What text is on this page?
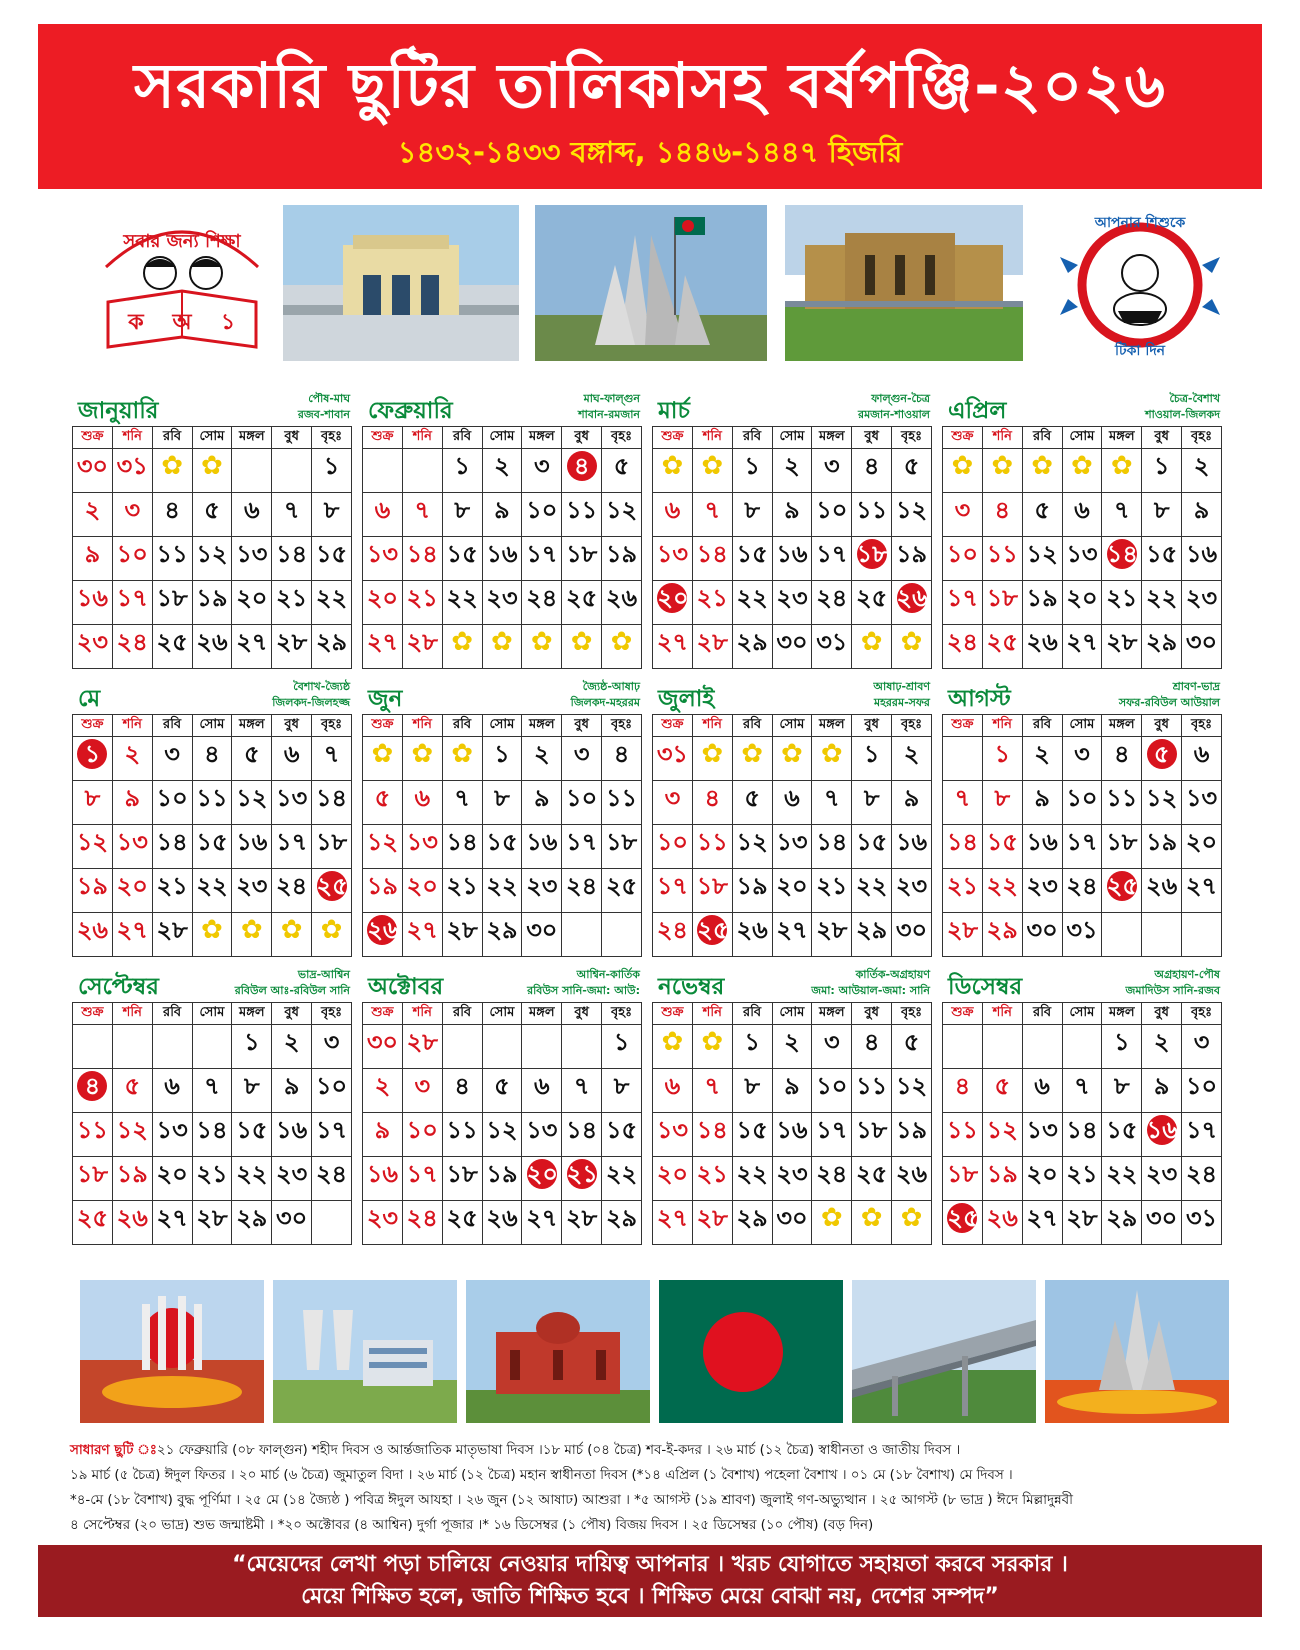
সরকারি ছুটির তালিকাসহ বর্ষপঞ্জি-২০২৬
১৪৩২-১৪৩৩ বঙ্গাব্দ, ১৪৪৬-১৪৪৭ হিজরি
সবার জন্য শিক্ষা
ক অ ১
আপনার শিশুকে
টিকা দিন
জানুয়ারি	পৌষ-মাঘ
রজব-শাবান
শুক্র	শনি	রবি	সোম	মঙ্গল	বুধ	বৃহঃ

৩০	৩১	✿	✿			১

২	৩	৪	৫	৬	৭	৮

৯	১০	১১	১২	১৩	১৪	১৫

১৬	১৭	১৮	১৯	২০	২১	২২

২৩	২৪	২৫	২৬	২৭	২৮	২৯
ফেব্রুয়ারি	মাঘ-ফাল্গুন
শাবান-রমজান
শুক্র	শনি	রবি	সোম	মঙ্গল	বুধ	বৃহঃ

		১	২	৩	৪	৫

৬	৭	৮	৯	১০	১১	১২

১৩	১৪	১৫	১৬	১৭	১৮	১৯

২০	২১	২২	২৩	২৪	২৫	২৬

২৭	২৮	✿	✿	✿	✿	✿
মার্চ	ফাল্গুন-চৈত্র
রমজান-শাওয়াল
শুক্র	শনি	রবি	সোম	মঙ্গল	বুধ	বৃহঃ

✿	✿	১	২	৩	৪	৫

৬	৭	৮	৯	১০	১১	১২

১৩	১৪	১৫	১৬	১৭	১৮	১৯

২০	২১	২২	২৩	২৪	২৫	২৬

২৭	২৮	২৯	৩০	৩১	✿	✿
এপ্রিল	চৈত্র-বৈশাখ
শাওয়াল-জিলকদ
শুক্র	শনি	রবি	সোম	মঙ্গল	বুধ	বৃহঃ

✿	✿	✿	✿	✿	১	২

৩	৪	৫	৬	৭	৮	৯

১০	১১	১২	১৩	১৪	১৫	১৬

১৭	১৮	১৯	২০	২১	২২	২৩

২৪	২৫	২৬	২৭	২৮	২৯	৩০
মে	বৈশাখ-জ্যৈষ্ঠ
জিলকদ-জিলহজ্জ
শুক্র	শনি	রবি	সোম	মঙ্গল	বুধ	বৃহঃ
১	২	৩	৪	৫	৬	৭

৮	৯	১০	১১	১২	১৩	১৪

১২	১৩	১৪	১৫	১৬	১৭	১৮

১৯	২০	২১	২২	২৩	২৪	২৫

২৬	২৭	২৮	✿	✿	✿	✿
জুন	জ্যৈষ্ঠ-আষাঢ়
জিলকদ-মহররম
শুক্র	শনি	রবি	সোম	মঙ্গল	বুধ	বৃহঃ

✿	✿	✿	১	২	৩	৪

৫	৬	৭	৮	৯	১০	১১

১২	১৩	১৪	১৫	১৬	১৭	১৮

১৯	২০	২১	২২	২৩	২৪	২৫

২৬	২৭	২৮	২৯	৩০		

জুলাই	আষাঢ়-শ্রাবণ
মহররম-সফর
শুক্র	শনি	রবি	সোম	মঙ্গল	বুধ	বৃহঃ

৩১	✿	✿	✿	✿	১	২

৩	৪	৫	৬	৭	৮	৯

১০	১১	১২	১৩	১৪	১৫	১৬

১৭	১৮	১৯	২০	২১	২২	২৩

২৪	২৫	২৬	২৭	২৮	২৯	৩০
আগস্ট	শ্রাবণ-ভাদ্র
সফর-রবিউল আউয়াল
শুক্র	শনি	রবি	সোম	মঙ্গল	বুধ	বৃহঃ

	১	২	৩	৪	৫	৬

৭	৮	৯	১০	১১	১২	১৩

১৪	১৫	১৬	১৭	১৮	১৯	২০

২১	২২	২৩	২৪	২৫	২৬	২৭

২৮	২৯	৩০	৩১			

সেপ্টেম্বর	ভাদ্র-আশ্বিন
রবিউল আঃ-রবিউল সানি
শুক্র	শনি	রবি	সোম	মঙ্গল	বুধ	বৃহঃ

				১	২	৩

৪	৫	৬	৭	৮	৯	১০

১১	১২	১৩	১৪	১৫	১৬	১৭

১৮	১৯	২০	২১	২২	২৩	২৪

২৫	২৬	২৭	২৮	২৯	৩০	

অক্টোবর	আশ্বিন-কার্তিক
রবিউস সানি-জমা: আউ:
শুক্র	শনি	রবি	সোম	মঙ্গল	বুধ	বৃহঃ

৩০	২৮					১

২	৩	৪	৫	৬	৭	৮

৯	১০	১১	১২	১৩	১৪	১৫

১৬	১৭	১৮	১৯	২০	২১	২২

২৩	২৪	২৫	২৬	২৭	২৮	২৯
নভেম্বর	কার্তিক-অগ্রহায়ণ
জমা: আউয়াল-জমা: সানি
শুক্র	শনি	রবি	সোম	মঙ্গল	বুধ	বৃহঃ

✿	✿	১	২	৩	৪	৫

৬	৭	৮	৯	১০	১১	১২

১৩	১৪	১৫	১৬	১৭	১৮	১৯

২০	২১	২২	২৩	২৪	২৫	২৬

২৭	২৮	২৯	৩০	✿	✿	✿
ডিসেম্বর	অগ্রহায়ণ-পৌষ
জমাদিউস সানি-রজব
শুক্র	শনি	রবি	সোম	মঙ্গল	বুধ	বৃহঃ

				১	২	৩

৪	৫	৬	৭	৮	৯	১০

১১	১২	১৩	১৪	১৫	১৬	১৭

১৮	১৯	২০	২১	২২	২৩	২৪

২৫	২৬	২৭	২৮	২৯	৩০	৩১
সাধারণ ছুটি ঃ২১ ফেব্রুয়ারি (০৮ ফাল্গুন) শহীদ দিবস ও আর্ন্তজাতিক মাতৃভাষা দিবস ।১৮ মার্চ (০৪ চৈত্র) শব-ই-কদর । ২৬ মার্চ (১২ চৈত্র) স্বাধীনতা ও জাতীয় দিবস ।
১৯ মার্চ (৫ চৈত্র) ঈদুল ফিতর । ২০ মার্চ (৬ চৈত্র) জুমাতুল বিদা । ২৬ মার্চ (১২ চৈত্র) মহান স্বাধীনতা দিবস (*১৪ এপ্রিল (১ বৈশাখ) পহেলা বৈশাখ । ০১ মে (১৮ বৈশাখ) মে দিবস ।
*৪-মে (১৮ বৈশাখ) বুদ্ধ পূর্ণিমা । ২৫ মে (১৪ জ্যৈষ্ঠ ) পবিত্র ঈদুল আযহা । ২৬ জুন (১২ আষাঢ) আশুরা । *৫ আগস্ট (১৯ শ্রাবণ) জুলাই গণ-অভ্যুত্থান । ২৫ আগস্ট (৮ ভাদ্র ) ঈদে মিল্লাদুন্নবী
৪ সেপ্টেম্বর (২০ ভাদ্র) শুভ জন্মাষ্টমী । *২০ অক্টোবর (৪ আশ্বিন) দুর্গা পূজার ।* ১৬ ডিসেম্বর (১ পৌষ) বিজয় দিবস । ২৫ ডিসেম্বর (১০ পৌষ) (বড় দিন)
“মেয়েদের লেখা পড়া চালিয়ে নেওয়ার দায়িত্ব আপনার । খরচ যোগাতে সহায়তা করবে সরকার ।
মেয়ে শিক্ষিত হলে, জাতি শিক্ষিত হবে । শিক্ষিত মেয়ে বোঝা নয়, দেশের সম্পদ”
